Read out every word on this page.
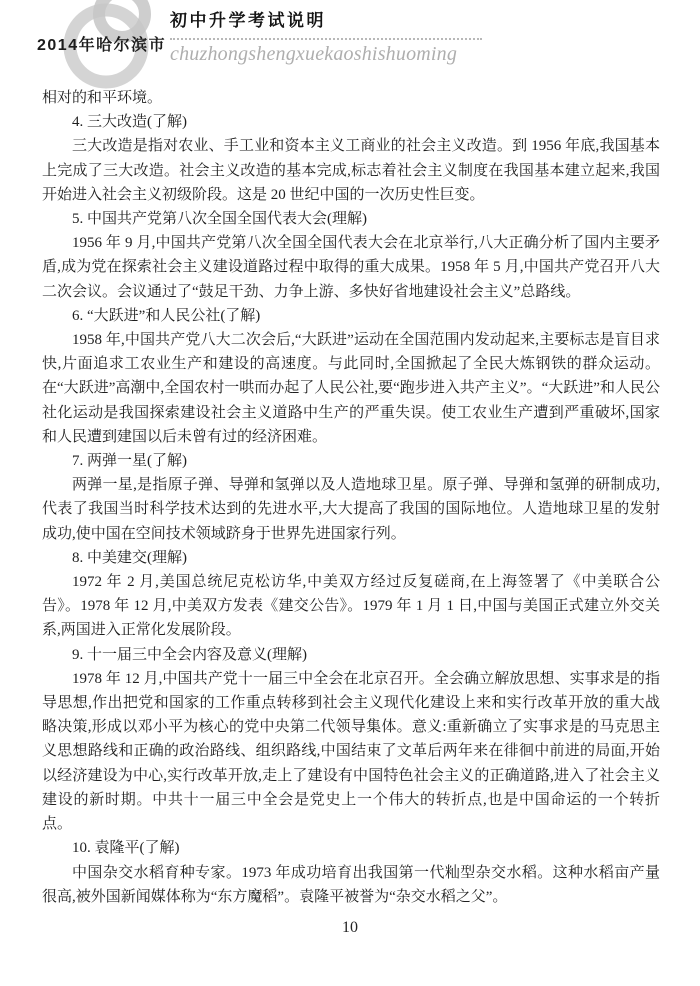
2014年哈尔滨市
初中升学考试说明
chuzhongshengxuekaoshishuoming

相对的和平环境。

4. 三大改造(了解)

三大改造是指对农业、手工业和资本主义工商业的社会主义改造。到 1956 年底,我国基本上完成了三大改造。社会主义改造的基本完成,标志着社会主义制度在我国基本建立起来,我国开始进入社会主义初级阶段。这是 20 世纪中国的一次历史性巨变。

5. 中国共产党第八次全国全国代表大会(理解)

1956 年 9 月,中国共产党第八次全国全国代表大会在北京举行,八大正确分析了国内主要矛盾,成为党在探索社会主义建设道路过程中取得的重大成果。1958 年 5 月,中国共产党召开八大二次会议。会议通过了“鼓足干劲、力争上游、多快好省地建设社会主义”总路线。

6. “大跃进”和人民公社(了解)

1958 年,中国共产党八大二次会后,“大跃进”运动在全国范围内发动起来,主要标志是盲目求快,片面追求工农业生产和建设的高速度。与此同时,全国掀起了全民大炼钢铁的群众运动。在“大跃进”高潮中,全国农村一哄而办起了人民公社,要“跑步进入共产主义”。“大跃进”和人民公社化运动是我国探索建设社会主义道路中生产的严重失误。使工农业生产遭到严重破坏,国家和人民遭到建国以后未曾有过的经济困难。

7. 两弹一星(了解)

两弹一星,是指原子弹、导弹和氢弹以及人造地球卫星。原子弹、导弹和氢弹的研制成功,代表了我国当时科学技术达到的先进水平,大大提高了我国的国际地位。人造地球卫星的发射成功,使中国在空间技术领域跻身于世界先进国家行列。

8. 中美建交(理解)

1972 年 2 月,美国总统尼克松访华,中美双方经过反复磋商,在上海签署了《中美联合公告》。1978 年 12 月,中美双方发表《建交公告》。1979 年 1 月 1 日,中国与美国正式建立外交关系,两国进入正常化发展阶段。

9. 十一届三中全会内容及意义(理解)

1978 年 12 月,中国共产党十一届三中全会在北京召开。全会确立解放思想、实事求是的指导思想,作出把党和国家的工作重点转移到社会主义现代化建设上来和实行改革开放的重大战略决策,形成以邓小平为核心的党中央第二代领导集体。意义:重新确立了实事求是的马克思主义思想路线和正确的政治路线、组织路线,中国结束了文革后两年来在徘徊中前进的局面,开始以经济建设为中心,实行改革开放,走上了建设有中国特色社会主义的正确道路,进入了社会主义建设的新时期。中共十一届三中全会是党史上一个伟大的转折点,也是中国命运的一个转折点。

10. 袁隆平(了解)

中国杂交水稻育种专家。1973 年成功培育出我国第一代籼型杂交水稻。这种水稻亩产量很高,被外国新闻媒体称为“东方魔稻”。袁隆平被誉为“杂交水稻之父”。

10
